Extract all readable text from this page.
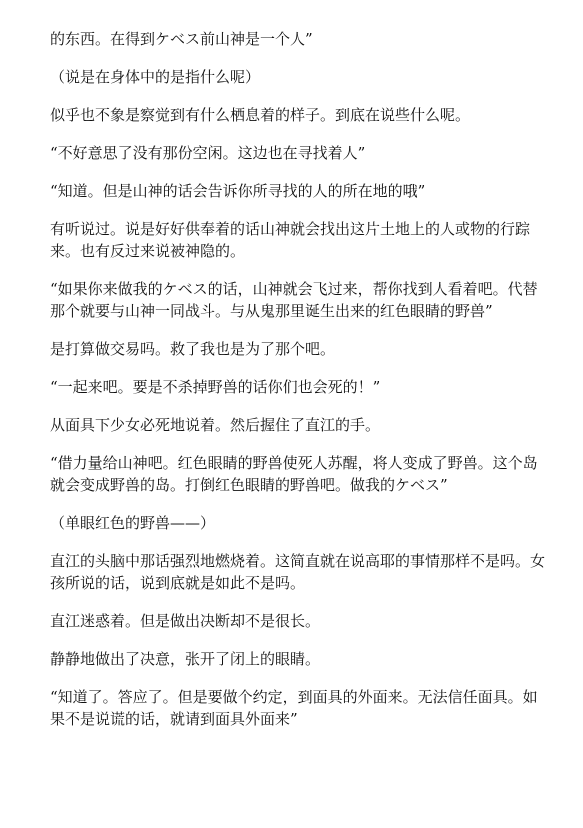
的东西。在得到ケベス前山神是一个人”

（说是在身体中的是指什么呢）

似乎也不象是察觉到有什么栖息着的样子。到底在说些什么呢。

“不好意思了没有那份空闲。这边也在寻找着人”

“知道。但是山神的话会告诉你所寻找的人的所在地的哦”

有听说过。说是好好供奉着的话山神就会找出这片土地上的人或物的行踪来。也有反过来说被神隐的。

“如果你来做我的ケベス的话，山神就会飞过来，帮你找到人看着吧。代替那个就要与山神一同战斗。与从鬼那里诞生出来的红色眼睛的野兽”

是打算做交易吗。救了我也是为了那个吧。

“一起来吧。要是不杀掉野兽的话你们也会死的！”

从面具下少女必死地说着。然后握住了直江的手。

“借力量给山神吧。红色眼睛的野兽使死人苏醒，将人变成了野兽。这个岛就会变成野兽的岛。打倒红色眼睛的野兽吧。做我的ケベス”

（单眼红色的野兽——）

直江的头脑中那话强烈地燃烧着。这简直就在说高耶的事情那样不是吗。女孩所说的话，说到底就是如此不是吗。

直江迷惑着。但是做出决断却不是很长。

静静地做出了决意，张开了闭上的眼睛。

“知道了。答应了。但是要做个约定，到面具的外面来。无法信任面具。如果不是说谎的话，就请到面具外面来”
